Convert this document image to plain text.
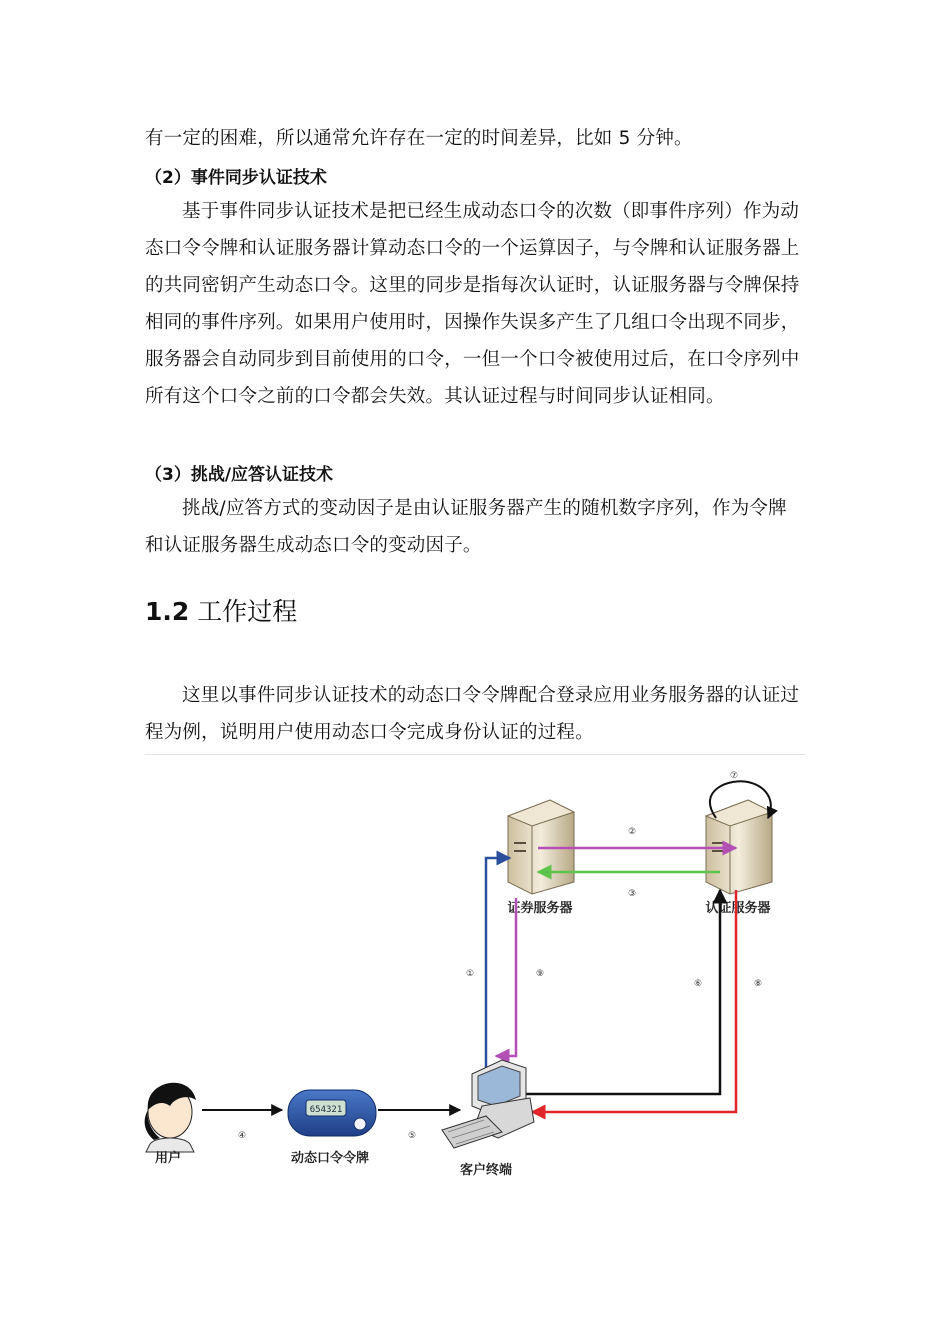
有一定的困难，所以通常允许存在一定的时间差异，比如 5 分钟。

（2）事件同步认证技术

基于事件同步认证技术是把已经生成动态口令的次数（即事件序列）作为动态口令令牌和认证服务器计算动态口令的一个运算因子，与令牌和认证服务器上的共同密钥产生动态口令。这里的同步是指每次认证时，认证服务器与令牌保持相同的事件序列。如果用户使用时，因操作失误多产生了几组口令出现不同步，服务器会自动同步到目前使用的口令，一但一个口令被使用过后，在口令序列中所有这个口令之前的口令都会失效。其认证过程与时间同步认证相同。

（3）挑战/应答认证技术

挑战/应答方式的变动因子是由认证服务器产生的随机数字序列，作为令牌和认证服务器生成动态口令的变动因子。

1.2 工作过程

这里以事件同步认证技术的动态口令令牌配合登录应用业务服务器的认证过程为例，说明用户使用动态口令完成身份认证的过程。

证券服务器	认证服务器
⑦
②
③
①	⑨
⑥	⑧
用户
④
654321
动态口令令牌
⑤
客户终端
